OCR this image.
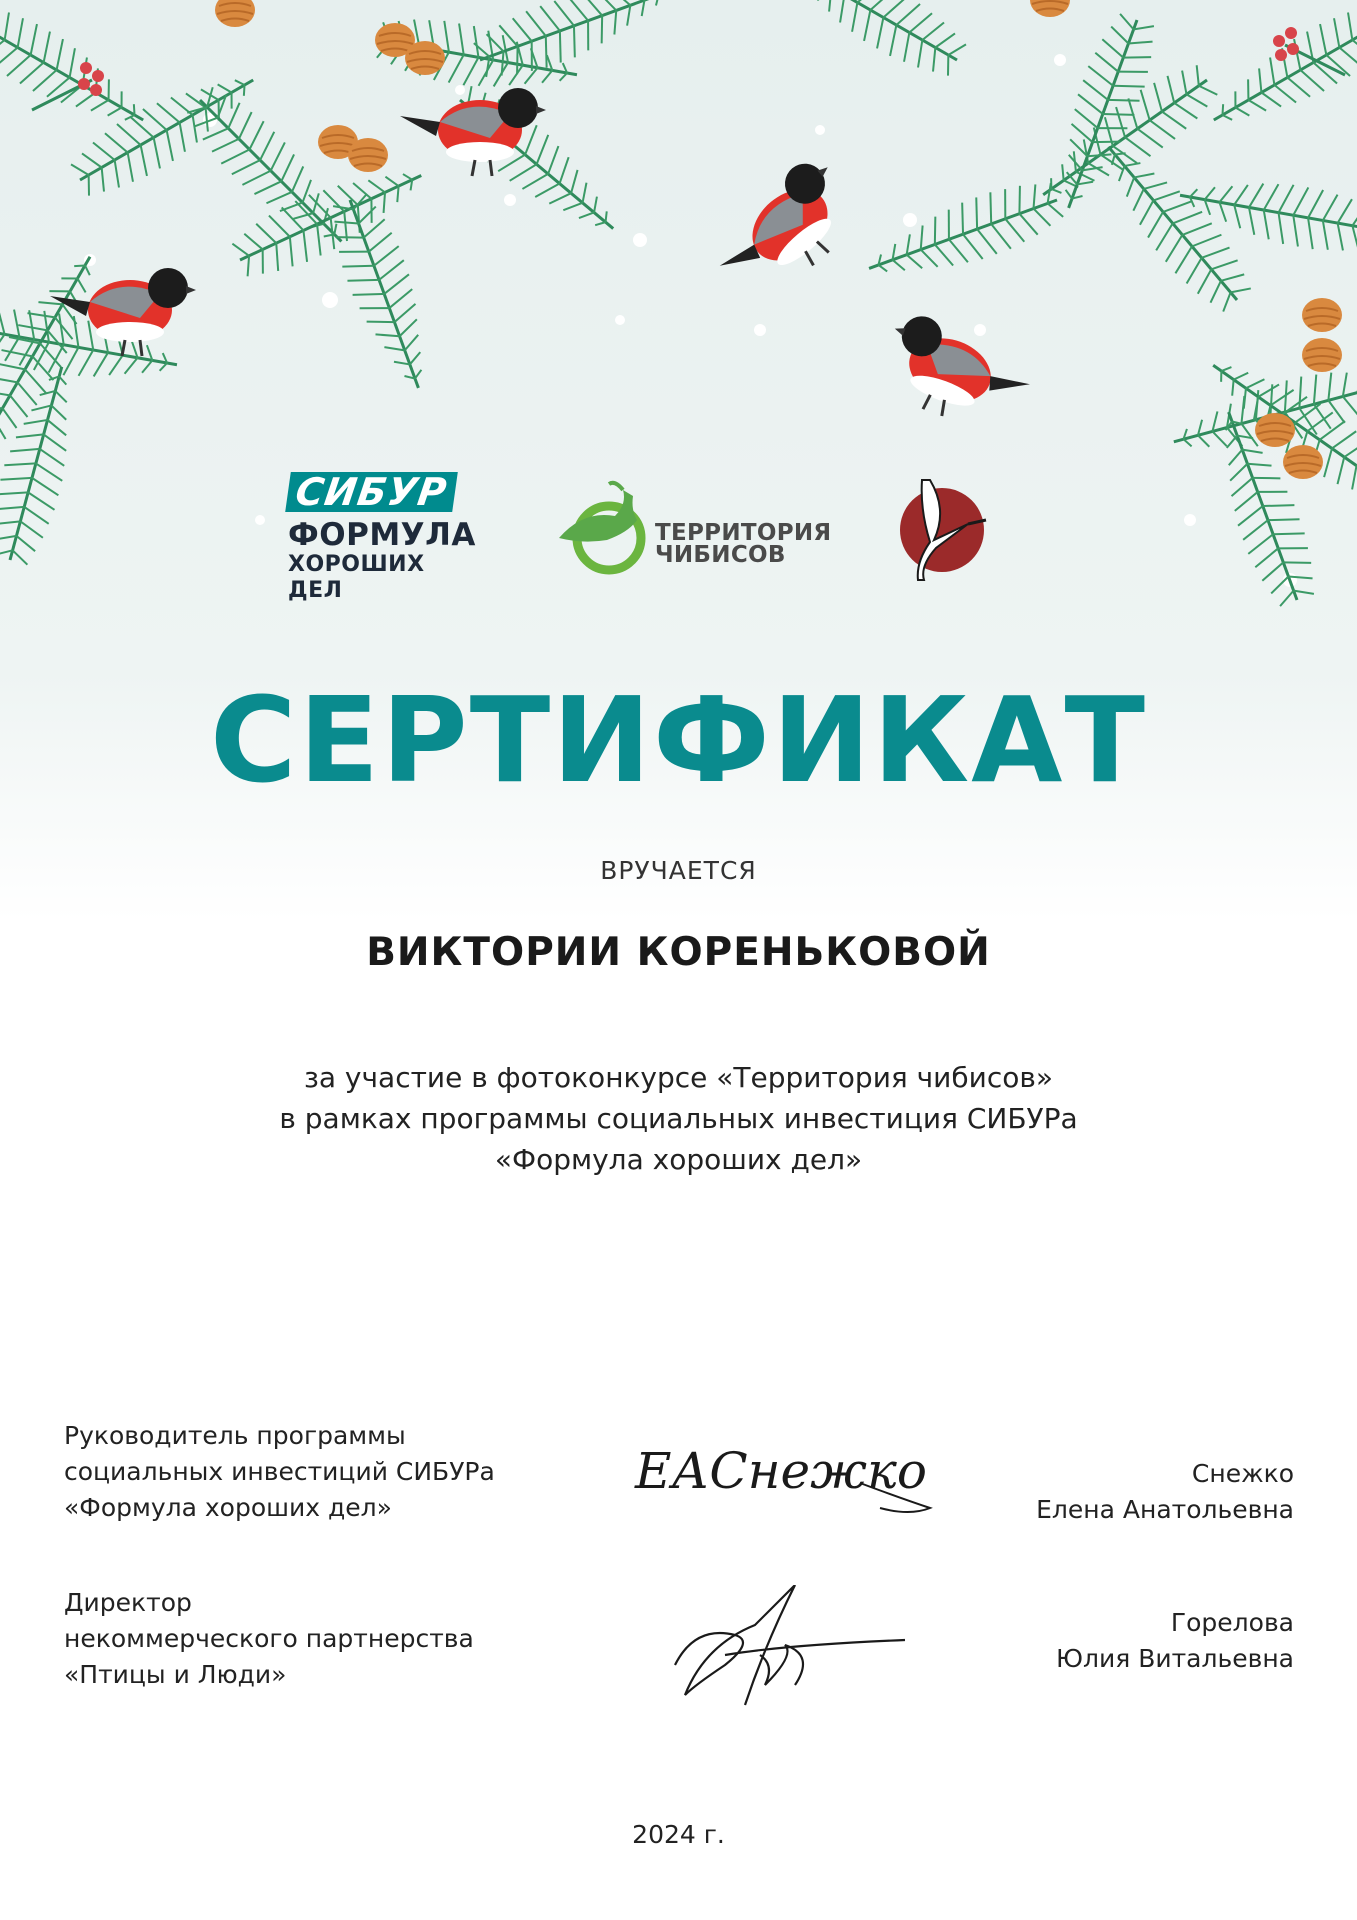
СИБУР
ФОРМУЛА
ХОРОШИХ ДЕЛ
ТЕРРИТОРИЯ
ЧИБИСОВ
СЕРТИФИКАТ
ВРУЧАЕТСЯ
ВИКТОРИИ КОРЕНЬКОВОЙ
за участие в фотоконкурсе «Территория чибисов»
в рамках программы социальных инвестиция СИБУРа
«Формула хороших дел»
Руководитель программы
социальных инвестиций СИБУРа
«Формула хороших дел»
ЕАСнежко	Снежко
Елена Анатольевна
Директор
некоммерческого партнерства
«Птицы и Люди»
Горелова
Юлия Витальевна
2024 г.
